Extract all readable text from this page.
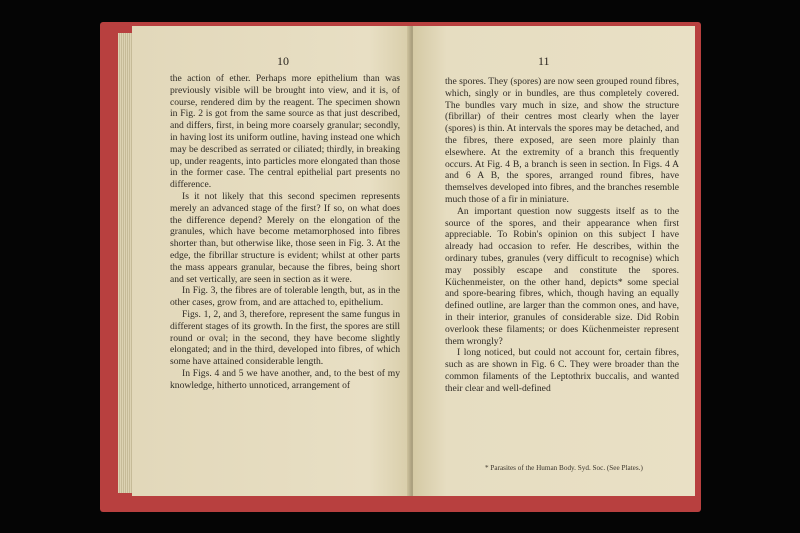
10

the action of ether. Perhaps more epithelium than was previously visible will be brought into view, and it is, of course, rendered dim by the reagent. The specimen shown in Fig. 2 is got from the same source as that just described, and differs, first, in being more coarsely granular; secondly, in having lost its uniform outline, having instead one which may be described as serrated or ciliated; thirdly, in breaking up, under reagents, into particles more elongated than those in the former case. The central epithelial part presents no difference.

Is it not likely that this second specimen represents merely an advanced stage of the first? If so, on what does the difference depend? Merely on the elongation of the granules, which have become metamorphosed into fibres shorter than, but otherwise like, those seen in Fig. 3. At the edge, the fibrillar structure is evident; whilst at other parts the mass appears granular, because the fibres, being short and set vertically, are seen in section as it were.

In Fig. 3, the fibres are of tolerable length, but, as in the other cases, grow from, and are attached to, epithelium.

Figs. 1, 2, and 3, therefore, represent the same fungus in different stages of its growth. In the first, the spores are still round or oval; in the second, they have become slightly elongated; and in the third, developed into fibres, of which some have attained considerable length.

In Figs. 4 and 5 we have another, and, to the best of my knowledge, hitherto unnoticed, arrangement of

11

the spores. They (spores) are now seen grouped round fibres, which, singly or in bundles, are thus completely covered. The bundles vary much in size, and show the structure (fibrillar) of their centres most clearly when the layer (spores) is thin. At intervals the spores may be detached, and the fibres, there exposed, are seen more plainly than elsewhere. At the extremity of a branch this frequently occurs. At Fig. 4 B, a branch is seen in section. In Figs. 4 A and 6 A B, the spores, arranged round fibres, have themselves developed into fibres, and the branches resemble much those of a fir in miniature.

An important question now suggests itself as to the source of the spores, and their appearance when first appreciable. To Robin's opinion on this subject I have already had occasion to refer. He describes, within the ordinary tubes, granules (very difficult to recognise) which may possibly escape and constitute the spores. Küchenmeister, on the other hand, depicts* some special and spore-bearing fibres, which, though having an equally defined outline, are larger than the common ones, and have, in their interior, granules of considerable size. Did Robin overlook these filaments; or does Küchenmeister represent them wrongly?

I long noticed, but could not account for, certain fibres, such as are shown in Fig. 6 C. They were broader than the common filaments of the Leptothrix buccalis, and wanted their clear and well-defined

* Parasites of the Human Body. Syd. Soc. (See Plates.)
